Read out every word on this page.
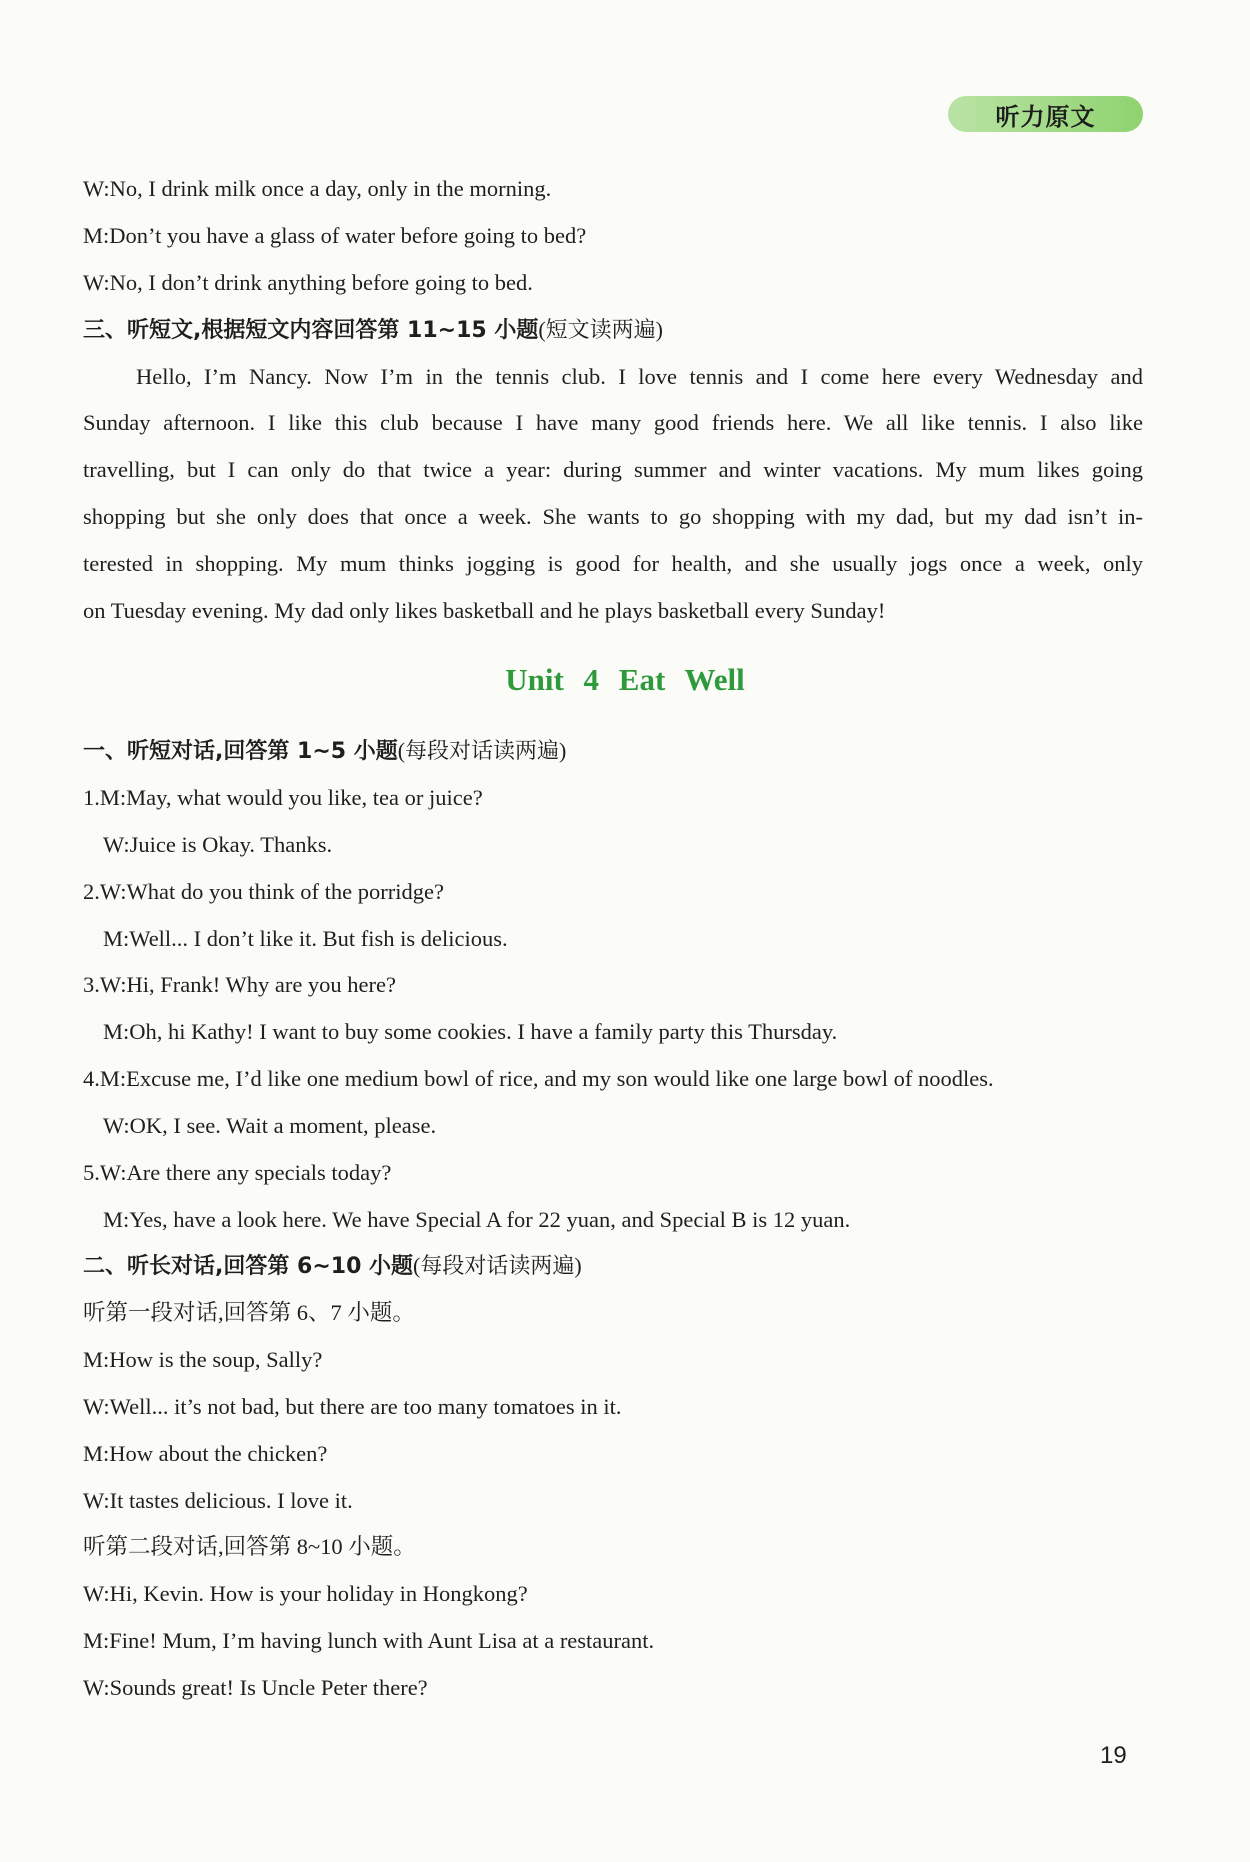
听力原文
W:No, I drink milk once a day, only in the morning.
M:Don’t you have a glass of water before going to bed?
W:No, I don’t drink anything before going to bed.
三、听短文,根据短文内容回答第 11~15 小题(短文读两遍)
Hello, I’m Nancy. Now I’m in the tennis club. I love tennis and I come here every Wednesday and
Sunday afternoon. I like this club because I have many good friends here. We all like tennis. I also like
travelling, but I can only do that twice a year: during summer and winter vacations. My mum likes going
shopping but she only does that once a week. She wants to go shopping with my dad, but my dad isn’t in-
terested in shopping. My mum thinks jogging is good for health, and she usually jogs once a week, only
on Tuesday evening. My dad only likes basketball and he plays basketball every Sunday!
Unit 4 Eat Well
一、听短对话,回答第 1~5 小题(每段对话读两遍)
1.M:May, what would you like, tea or juice?
W:Juice is Okay. Thanks.
2.W:What do you think of the porridge?
M:Well... I don’t like it. But fish is delicious.
3.W:Hi, Frank! Why are you here?
M:Oh, hi Kathy! I want to buy some cookies. I have a family party this Thursday.
4.M:Excuse me, I’d like one medium bowl of rice, and my son would like one large bowl of noodles.
W:OK, I see. Wait a moment, please.
5.W:Are there any specials today?
M:Yes, have a look here. We have Special A for 22 yuan, and Special B is 12 yuan.
二、听长对话,回答第 6~10 小题(每段对话读两遍)
听第一段对话,回答第 6、7 小题。
M:How is the soup, Sally?
W:Well... it’s not bad, but there are too many tomatoes in it.
M:How about the chicken?
W:It tastes delicious. I love it.
听第二段对话,回答第 8~10 小题。
W:Hi, Kevin. How is your holiday in Hongkong?
M:Fine! Mum, I’m having lunch with Aunt Lisa at a restaurant.
W:Sounds great! Is Uncle Peter there?
19
